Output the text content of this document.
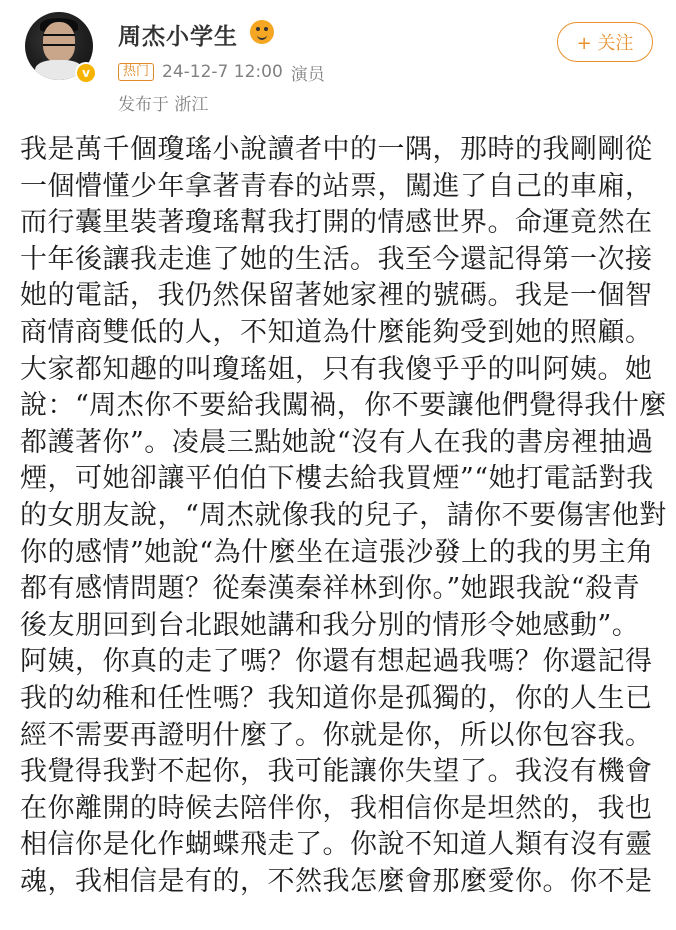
v
周杰小学生
热门 24-12-7 12:00 演员
发布于 浙江
+ 关注
我是萬千個瓊瑤小說讀者中的一隅，那時的我剛剛從
一個懵懂少年拿著青春的站票，闖進了自己的車廂，
而行囊里裝著瓊瑤幫我打開的情感世界。命運竟然在
十年後讓我走進了她的生活。我至今還記得第一次接
她的電話，我仍然保留著她家裡的號碼。我是一個智
商情商雙低的人，不知道為什麼能夠受到她的照顧。
大家都知趣的叫瓊瑤姐，只有我傻乎乎的叫阿姨。她
說：“周杰你不要給我闖禍，你不要讓他們覺得我什麼
都護著你”。凌晨三點她說“沒有人在我的書房裡抽過
煙，可她卻讓平伯伯下樓去給我買煙”“她打電話對我
的女朋友說，“周杰就像我的兒子，請你不要傷害他對
你的感情”她說“為什麼坐在這張沙發上的我的男主角
都有感情問題？從秦漢秦祥林到你。”她跟我說“殺青
後友朋回到台北跟她講和我分別的情形令她感動”。
阿姨，你真的走了嗎？你還有想起過我嗎？你還記得
我的幼稚和任性嗎？我知道你是孤獨的，你的人生已
經不需要再證明什麼了。你就是你，所以你包容我。
我覺得我對不起你，我可能讓你失望了。我沒有機會
在你離開的時候去陪伴你，我相信你是坦然的，我也
相信你是化作蝴蝶飛走了。你說不知道人類有沒有靈
魂，我相信是有的，不然我怎麼會那麼愛你。你不是
